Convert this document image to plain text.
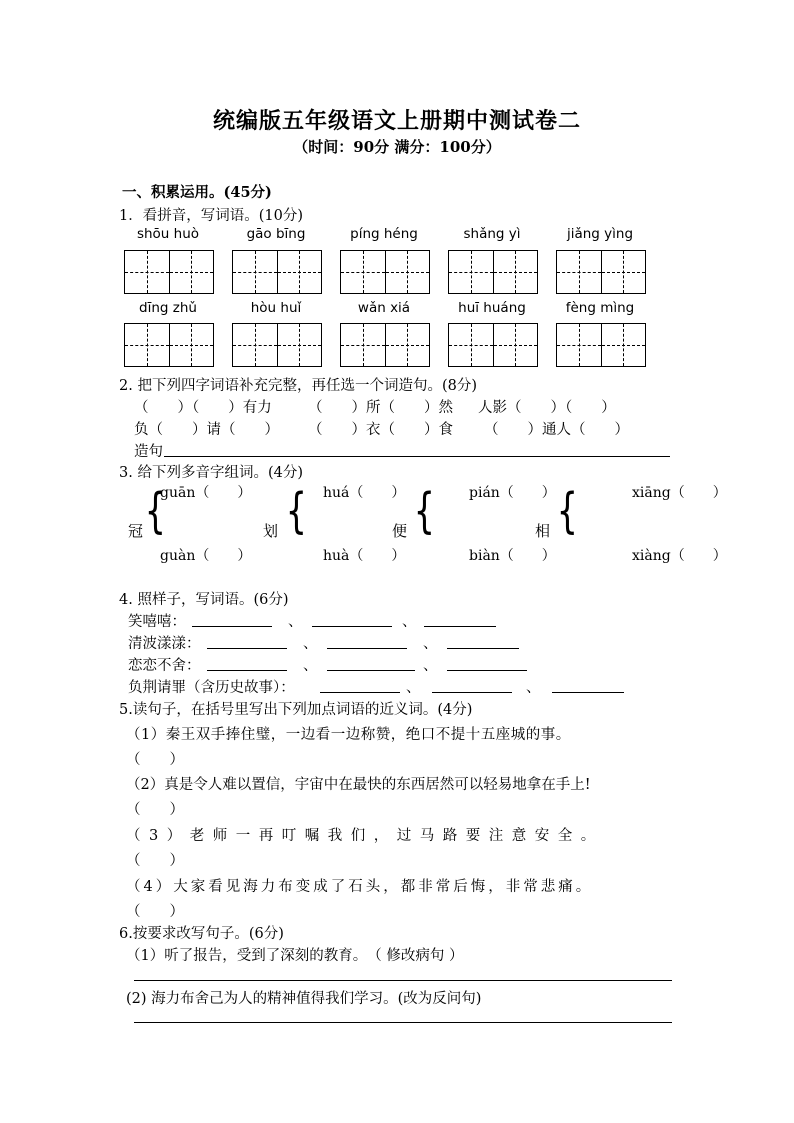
统编版五年级语文上册期中测试卷二
（时间：90分 满分：100分）
一、积累运用。(45分)
1．看拼音，写词语。(10分)
shōu huò	gāo bīng	píng héng	shǎng yì	jiǎng yìng
dīng zhǔ	hòu huǐ	wǎn xiá	huī huáng	fèng mìng
2. 把下列四字词语补充完整，再任选一个词造句。(8分)
（　　）（　　）有力	（　　）所（　　）然 人影（　　）（　　）
负（　　）请（　　） （　　）衣（　　）食 （　　）通人（　　）
造句
3. 给下列多音字组词。(4分)
guān（　　）	huá（　　）	pián（　　）	xiāng（　　）
{ { {	{
冠	划	便	相
guàn（　　）	huà（　　）	biàn（　　）	xiàng（　　）
4. 照样子，写词语。(6分)
笑嘻嘻：	、	、
清波漾漾：	、	、
恋恋不舍：	、	、
负荆请罪（含历史故事）：	、	、
5.读句子，在括号里写出下列加点词语的近义词。(4分)
（1）秦王双手捧住璧，一边看一边称赞，绝口不提十五座城的事。
（　　）
（2）真是令人难以置信，宇宙中在最快的东西居然可以轻易地拿在手上!
（　　）
（3）老师一再叮嘱我们，过马路要注意安全。
（　　）
（4）大家看见海力布变成了石头，都非常后悔，非常悲痛。
（　　）
6.按要求改写句子。(6分)
（1）听了报告，受到了深刻的教育。　（ 修改病句 ）
(2) 海力布舍己为人的精神值得我们学习。(改为反问句)
